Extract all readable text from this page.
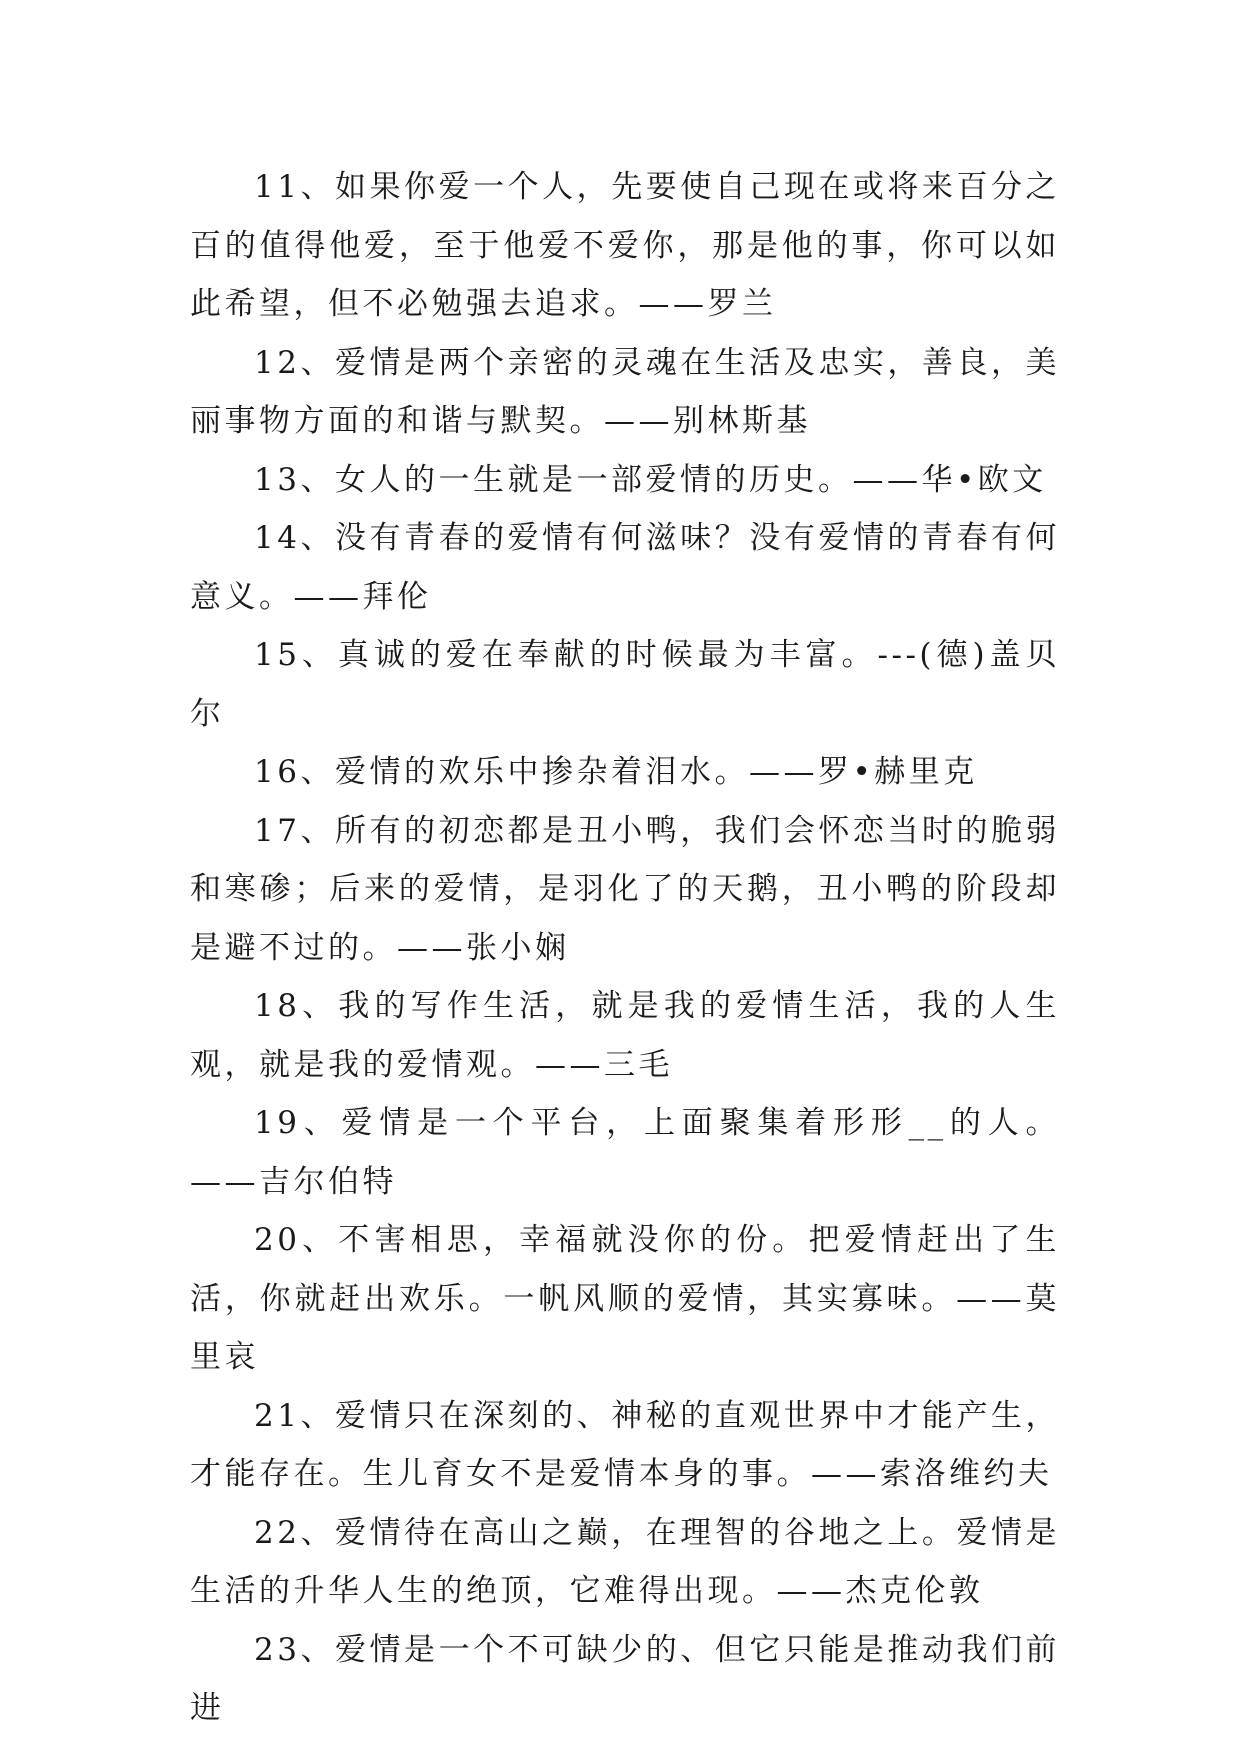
11、如果你爱一个人，先要使自己现在或将来百分之百的值得他爱，至于他爱不爱你，那是他的事，你可以如此希望，但不必勉强去追求。——罗兰

12、爱情是两个亲密的灵魂在生活及忠实，善良，美丽事物方面的和谐与默契。——别林斯基

13、女人的一生就是一部爱情的历史。——华•欧文

14、没有青春的爱情有何滋味？没有爱情的青春有何意义。——拜伦

15、真诚的爱在奉献的时候最为丰富。---(德)盖贝尔

16、爱情的欢乐中掺杂着泪水。——罗•赫里克

17、所有的初恋都是丑小鸭，我们会怀恋当时的脆弱和寒碜；后来的爱情，是羽化了的天鹅，丑小鸭的阶段却是避不过的。——张小娴

18、我的写作生活，就是我的爱情生活，我的人生观，就是我的爱情观。——三毛

19、爱情是一个平台，上面聚集着形形__的人。——吉尔伯特

20、不害相思，幸福就没你的份。把爱情赶出了生活，你就赶出欢乐。一帆风顺的爱情，其实寡味。——莫里哀

21、爱情只在深刻的、神秘的直观世界中才能产生，才能存在。生儿育女不是爱情本身的事。——索洛维约夫

22、爱情待在高山之巅，在理智的谷地之上。爱情是生活的升华人生的绝顶，它难得出现。——杰克伦敦

23、爱情是一个不可缺少的、但它只能是推动我们前进
